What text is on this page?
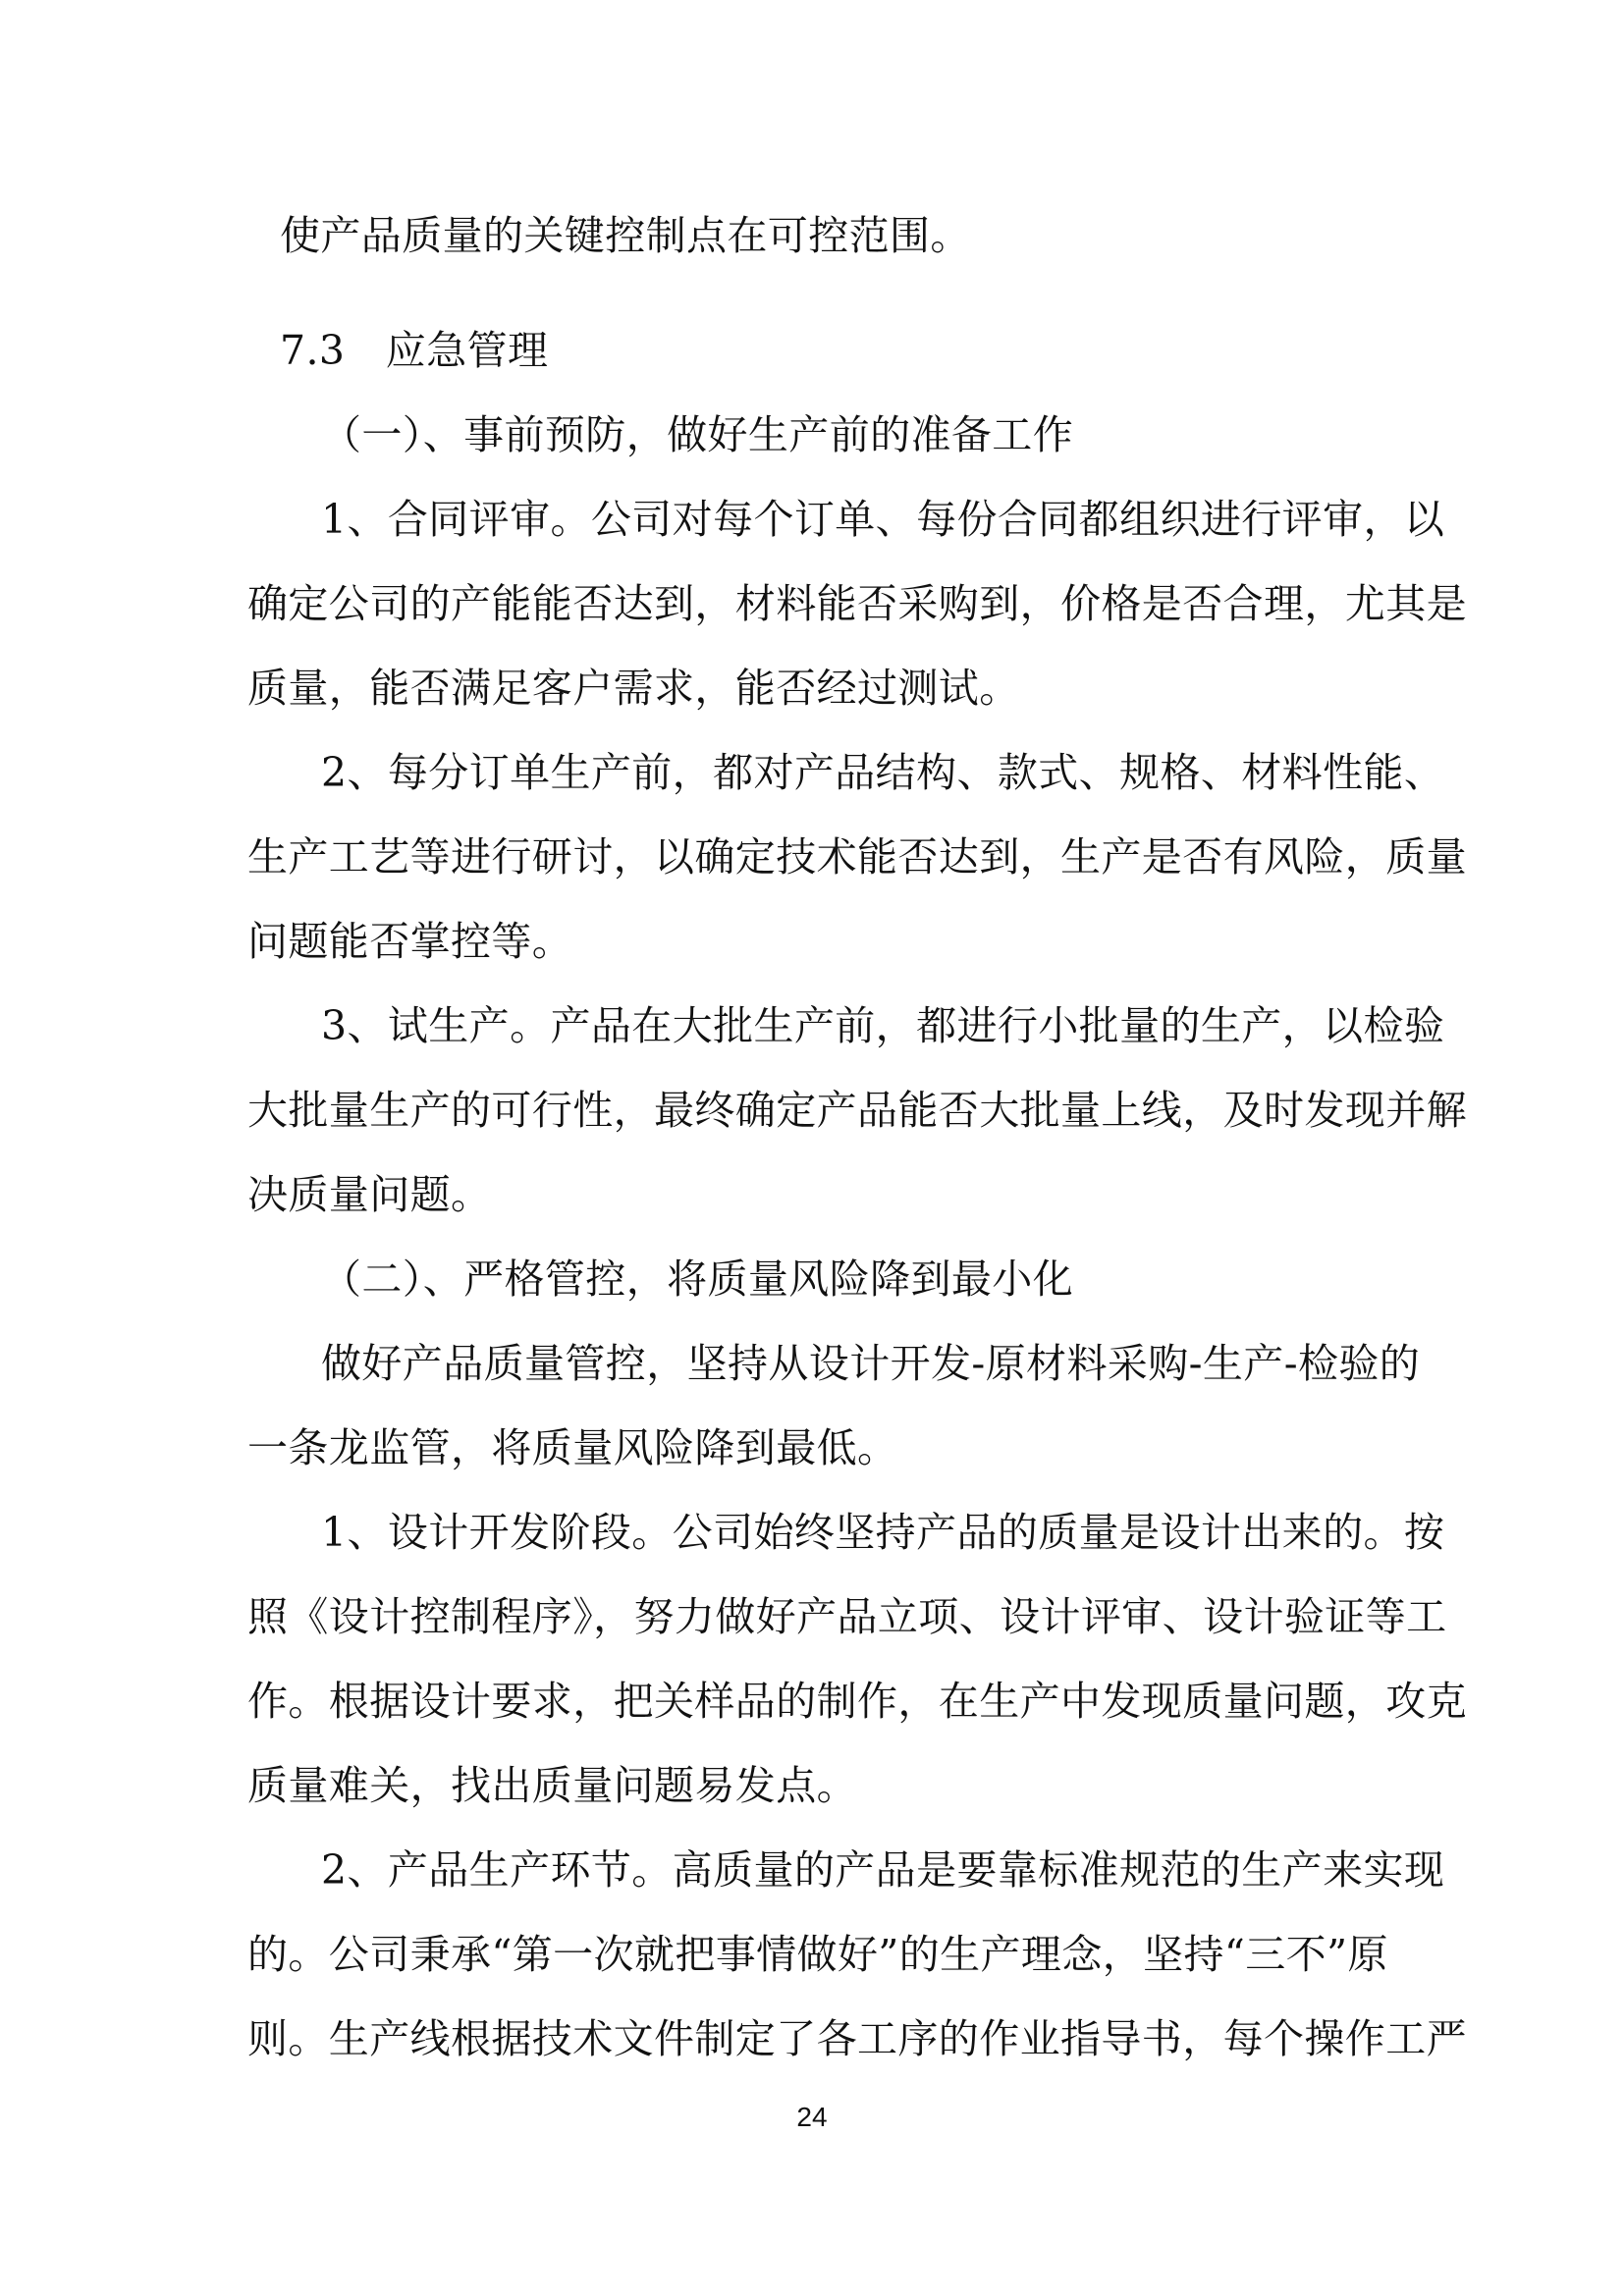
使产品质量的关键控制点在可控范围。
7.3　应急管理
（一）、事前预防，做好生产前的准备工作
1、合同评审。公司对每个订单、每份合同都组织进行评审，以
确定公司的产能能否达到，材料能否采购到，价格是否合理，尤其是
质量，能否满足客户需求，能否经过测试。
2、每分订单生产前，都对产品结构、款式、规格、材料性能、
生产工艺等进行研讨，以确定技术能否达到，生产是否有风险，质量
问题能否掌控等。
3、试生产。产品在大批生产前，都进行小批量的生产，以检验
大批量生产的可行性，最终确定产品能否大批量上线，及时发现并解
决质量问题。
（二）、严格管控，将质量风险降到最小化
做好产品质量管控，坚持从设计开发-原材料采购-生产-检验的
一条龙监管，将质量风险降到最低。
1、设计开发阶段。公司始终坚持产品的质量是设计出来的。按
照《设计控制程序》，努力做好产品立项、设计评审、设计验证等工
作。根据设计要求，把关样品的制作，在生产中发现质量问题，攻克
质量难关，找出质量问题易发点。
2、产品生产环节。高质量的产品是要靠标准规范的生产来实现
的。公司秉承“第一次就把事情做好”的生产理念，坚持“三不”原
则。生产线根据技术文件制定了各工序的作业指导书，每个操作工严
24
